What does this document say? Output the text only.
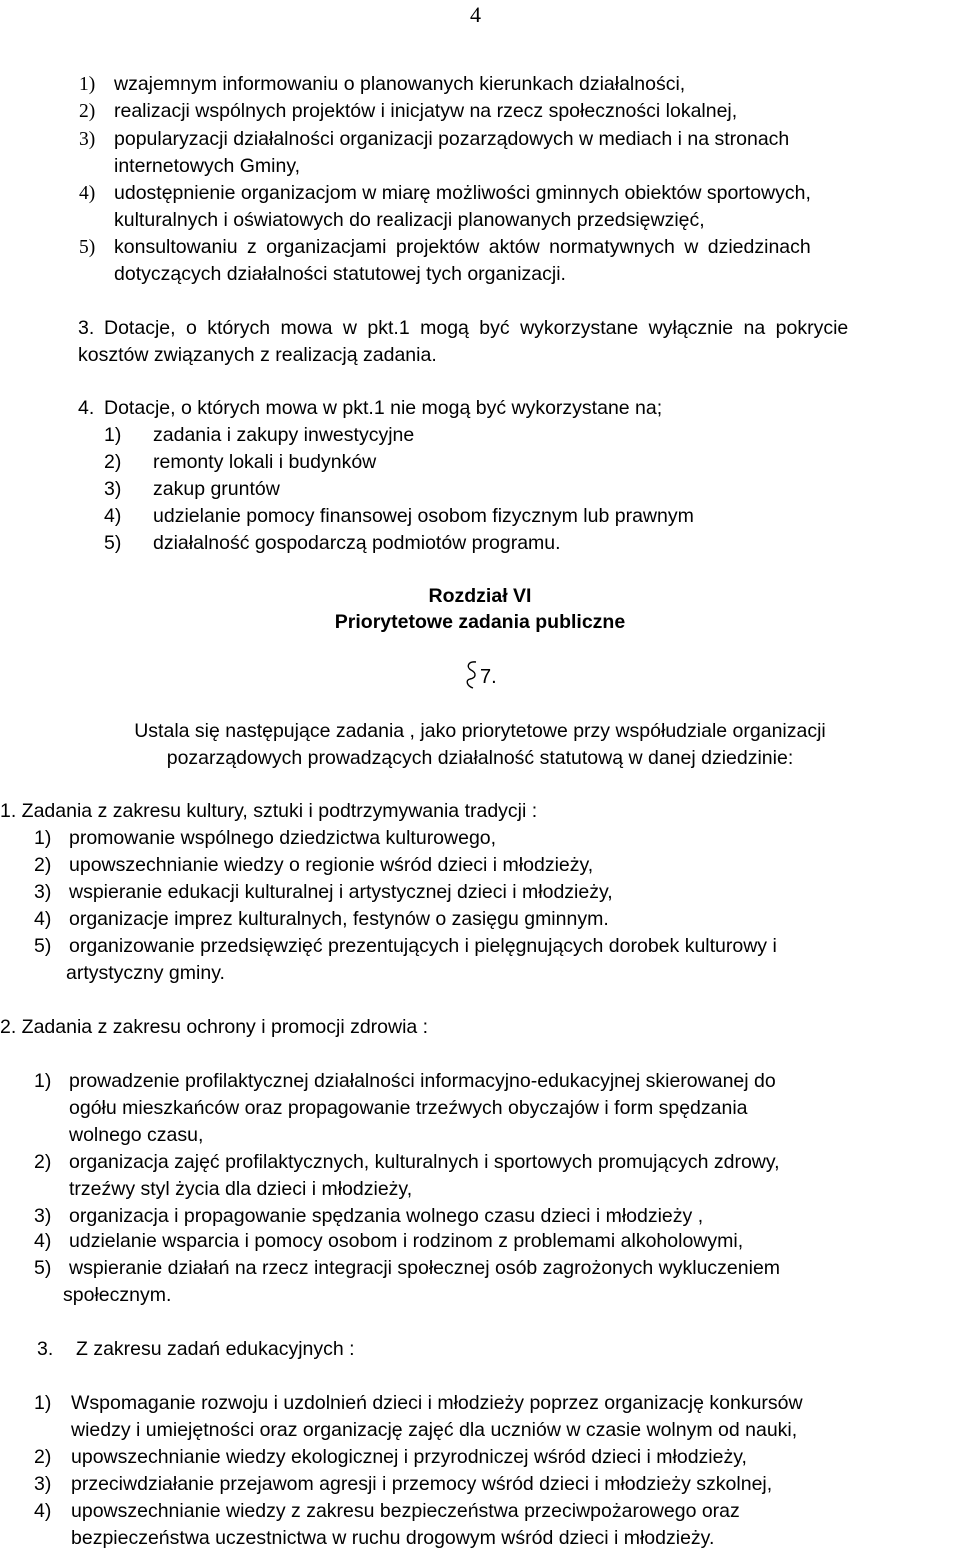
4
1) wzajemnym informowaniu o planowanych kierunkach działalności,
2) realizacji wspólnych projektów i inicjatyw na rzecz społeczności lokalnej,
3) popularyzacji działalności organizacji pozarządowych w mediach i na stronach
internetowych Gminy,
4) udostępnienie organizacjom w miarę możliwości gminnych obiektów sportowych,
kulturalnych i oświatowych do realizacji planowanych przedsięwzięć,
5) konsultowaniu z organizacjami projektów aktów normatywnych w dziedzinach
dotyczących działalności statutowej tych organizacji.
3. Dotacje, o których mowa w pkt.1 mogą być wykorzystane wyłącznie na pokrycie
kosztów związanych z realizacją zadania.
4. Dotacje, o których mowa w pkt.1 nie mogą być wykorzystane na;
1) zadania i zakupy inwestycyjne
2) remonty lokali i budynków
3) zakup gruntów
4) udzielanie pomocy finansowej osobom fizycznym lub prawnym
5) działalność gospodarczą podmiotów programu.
Rozdział VI
Priorytetowe zadania publiczne
7.
Ustala się następujące zadania , jako priorytetowe przy współudziale organizacji
pozarządowych prowadzących działalność statutową w danej dziedzinie:
1. Zadania z zakresu kultury, sztuki i podtrzymywania tradycji :
1) promowanie wspólnego dziedzictwa kulturowego,
2) upowszechnianie wiedzy o regionie wśród dzieci i młodzieży,
3) wspieranie edukacji kulturalnej i artystycznej dzieci i młodzieży,
4) organizacje imprez kulturalnych, festynów o zasięgu gminnym.
5) organizowanie przedsięwzięć prezentujących i pielęgnujących dorobek kulturowy i
artystyczny gminy.
2. Zadania z zakresu ochrony i promocji zdrowia :
1) prowadzenie profilaktycznej działalności informacyjno-edukacyjnej skierowanej do
ogółu mieszkańców oraz propagowanie trzeźwych obyczajów i form spędzania
wolnego czasu,
2) organizacja zajęć profilaktycznych, kulturalnych i sportowych promujących zdrowy,
trzeźwy styl życia dla dzieci i młodzieży,
3) organizacja i propagowanie spędzania wolnego czasu dzieci i młodzieży ,
4) udzielanie wsparcia i pomocy osobom i rodzinom z problemami alkoholowymi,
5) wspieranie działań na rzecz integracji społecznej osób zagrożonych wykluczeniem
społecznym.
3. Z zakresu zadań edukacyjnych :
1) Wspomaganie rozwoju i uzdolnień dzieci i młodzieży poprzez organizację konkursów
wiedzy i umiejętności oraz organizację zajęć dla uczniów w czasie wolnym od nauki,
2) upowszechnianie wiedzy ekologicznej i przyrodniczej wśród dzieci i młodzieży,
3) przeciwdziałanie przejawom agresji i przemocy wśród dzieci i młodzieży szkolnej,
4) upowszechnianie wiedzy z zakresu bezpieczeństwa przeciwpożarowego oraz
bezpieczeństwa uczestnictwa w ruchu drogowym wśród dzieci i młodzieży.
